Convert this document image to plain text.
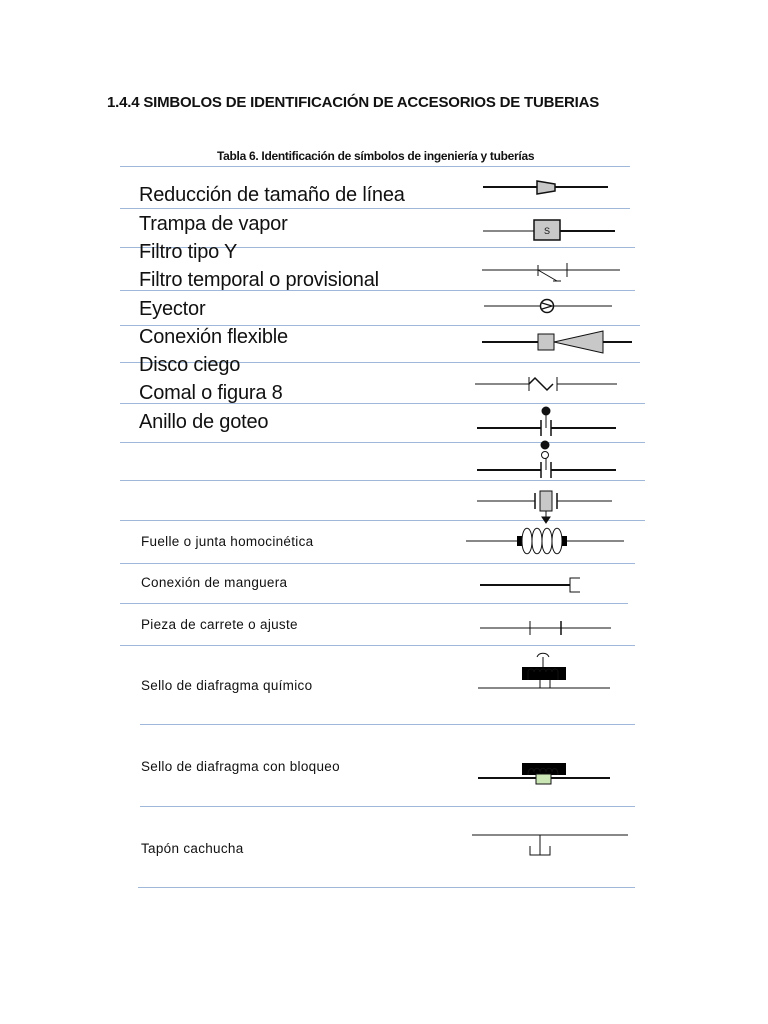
1.4.4 SIMBOLOS DE IDENTIFICACIÓN DE ACCESORIOS DE TUBERIAS
Tabla 6. Identificación de símbolos de ingeniería y tuberías
Reducción de tamaño de línea
Trampa de vapor
Filtro tipo Y
Filtro temporal o provisional
Eyector
Conexión flexible
Disco ciego
Comal o figura 8
Anillo de goteo
Fuelle o junta homocinética
Conexión de manguera
Pieza de carrete o ajuste
Sello de diafragma químico
Sello de diafragma con bloqueo
Tapón cachucha
S
